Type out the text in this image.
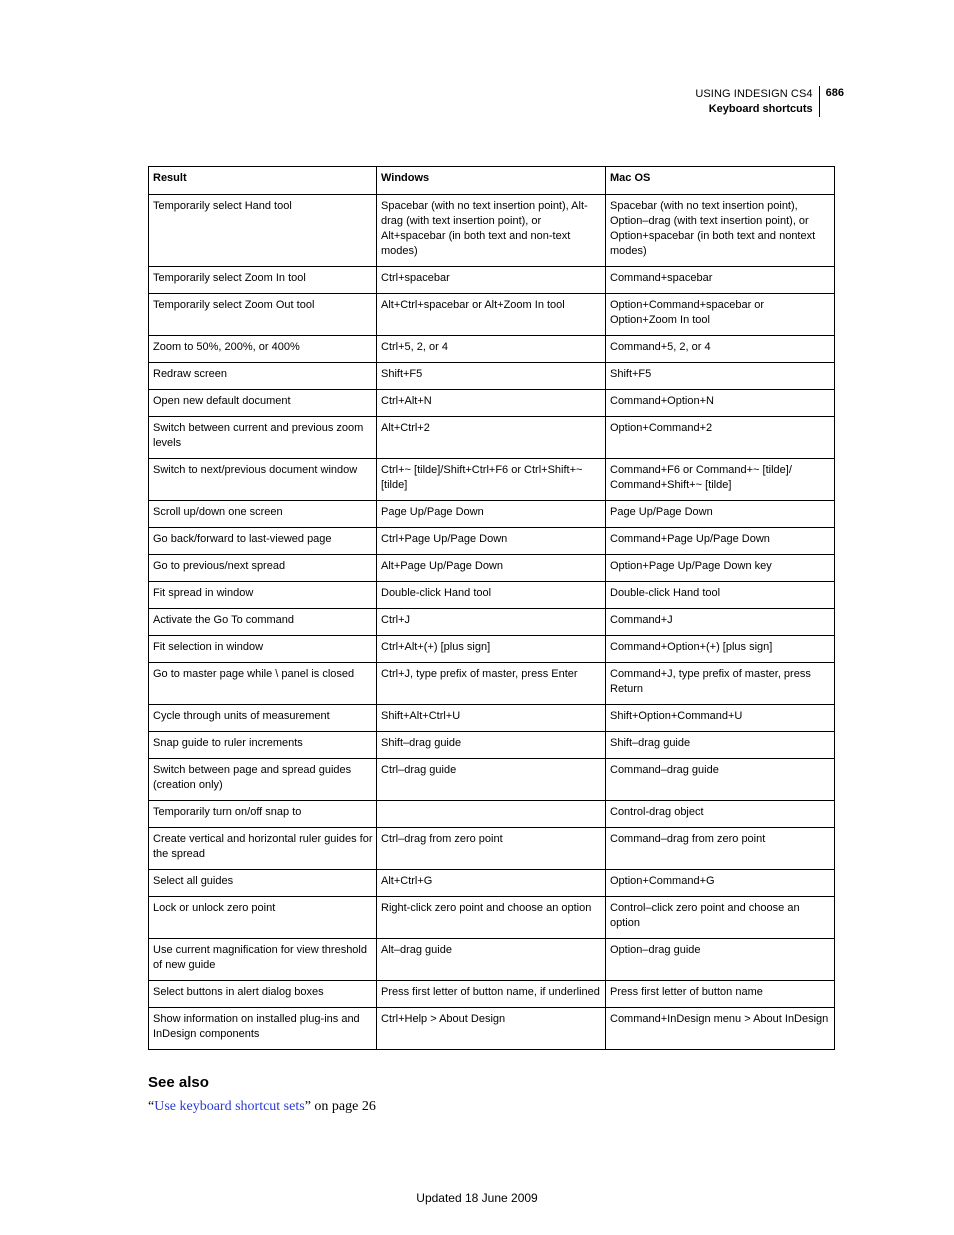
USING INDESIGN CS4
Keyboard shortcuts
686
Result	Windows	Mac OS
Temporarily select Hand tool	Spacebar (with no text insertion point), Alt-drag (with text insertion point), or Alt+spacebar (in both text and non-text modes)	Spacebar (with no text insertion point), Option–drag (with text insertion point), or Option+spacebar (in both text and nontext modes)
Temporarily select Zoom In tool	Ctrl+spacebar	Command+spacebar
Temporarily select Zoom Out tool	Alt+Ctrl+spacebar or Alt+Zoom In tool	Option+Command+spacebar or Option+Zoom In tool
Zoom to 50%, 200%, or 400%	Ctrl+5, 2, or 4	Command+5, 2, or 4
Redraw screen	Shift+F5	Shift+F5
Open new default document	Ctrl+Alt+N	Command+Option+N
Switch between current and previous zoom levels	Alt+Ctrl+2	Option+Command+2
Switch to next/previous document window	Ctrl+~ [tilde]/Shift+Ctrl+F6 or Ctrl+Shift+~ [tilde]	Command+F6 or Command+~ [tilde]/ Command+Shift+~ [tilde]
Scroll up/down one screen	Page Up/Page Down	Page Up/Page Down
Go back/forward to last-viewed page	Ctrl+Page Up/Page Down	Command+Page Up/Page Down
Go to previous/next spread	Alt+Page Up/Page Down	Option+Page Up/Page Down key
Fit spread in window	Double-click Hand tool	Double-click Hand tool
Activate the Go To command	Ctrl+J	Command+J
Fit selection in window	Ctrl+Alt+(+) [plus sign]	Command+Option+(+) [plus sign]
Go to master page while \ panel is closed	Ctrl+J, type prefix of master, press Enter	Command+J, type prefix of master, press Return
Cycle through units of measurement	Shift+Alt+Ctrl+U	Shift+Option+Command+U
Snap guide to ruler increments	Shift–drag guide	Shift–drag guide
Switch between page and spread guides (creation only)	Ctrl–drag guide	Command–drag guide
Temporarily turn on/off snap to		Control-drag object
Create vertical and horizontal ruler guides for the spread	Ctrl–drag from zero point	Command–drag from zero point
Select all guides	Alt+Ctrl+G	Option+Command+G
Lock or unlock zero point	Right-click zero point and choose an option	Control–click zero point and choose an option
Use current magnification for view threshold of new guide	Alt–drag guide	Option–drag guide
Select buttons in alert dialog boxes	Press first letter of button name, if underlined	Press first letter of button name
Show information on installed plug-ins and InDesign components	Ctrl+Help > About Design	Command+InDesign menu > About InDesign
See also
“Use keyboard shortcut sets” on page 26
Updated 18 June 2009
